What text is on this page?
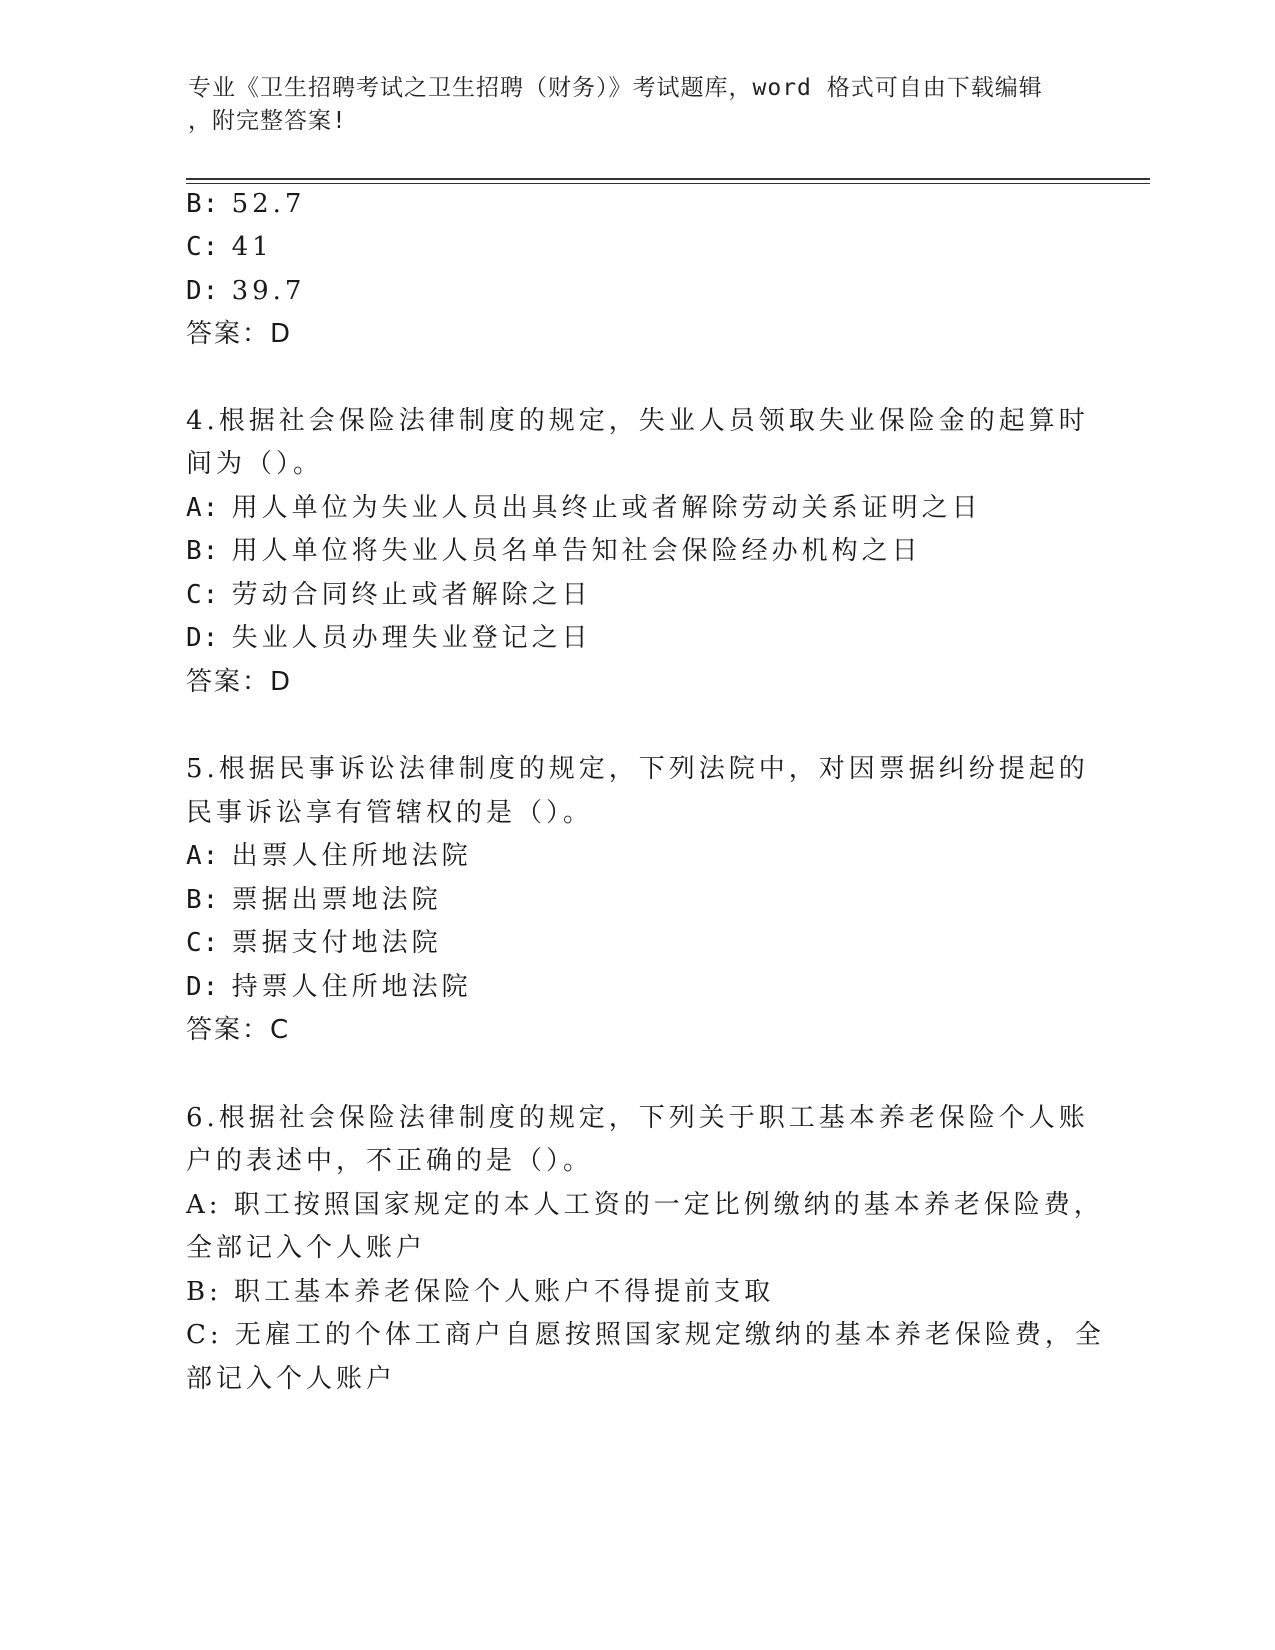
专业《卫生招聘考试之卫生招聘（财务）》考试题库，word 格式可自由下载编辑
，附完整答案!
B: 52.7
C: 41
D: 39.7
答案：D
4.根据社会保险法律制度的规定，失业人员领取失业保险金的起算时
间为（）。
A: 用人单位为失业人员出具终止或者解除劳动关系证明之日
B: 用人单位将失业人员名单告知社会保险经办机构之日
C: 劳动合同终止或者解除之日
D: 失业人员办理失业登记之日
答案：D
5.根据民事诉讼法律制度的规定，下列法院中，对因票据纠纷提起的
民事诉讼享有管辖权的是（）。
A: 出票人住所地法院
B: 票据出票地法院
C: 票据支付地法院
D: 持票人住所地法院
答案：C
6.根据社会保险法律制度的规定，下列关于职工基本养老保险个人账
户的表述中，不正确的是（）。
A: 职工按照国家规定的本人工资的一定比例缴纳的基本养老保险费，
全部记入个人账户
B: 职工基本养老保险个人账户不得提前支取
C: 无雇工的个体工商户自愿按照国家规定缴纳的基本养老保险费，全
部记入个人账户
